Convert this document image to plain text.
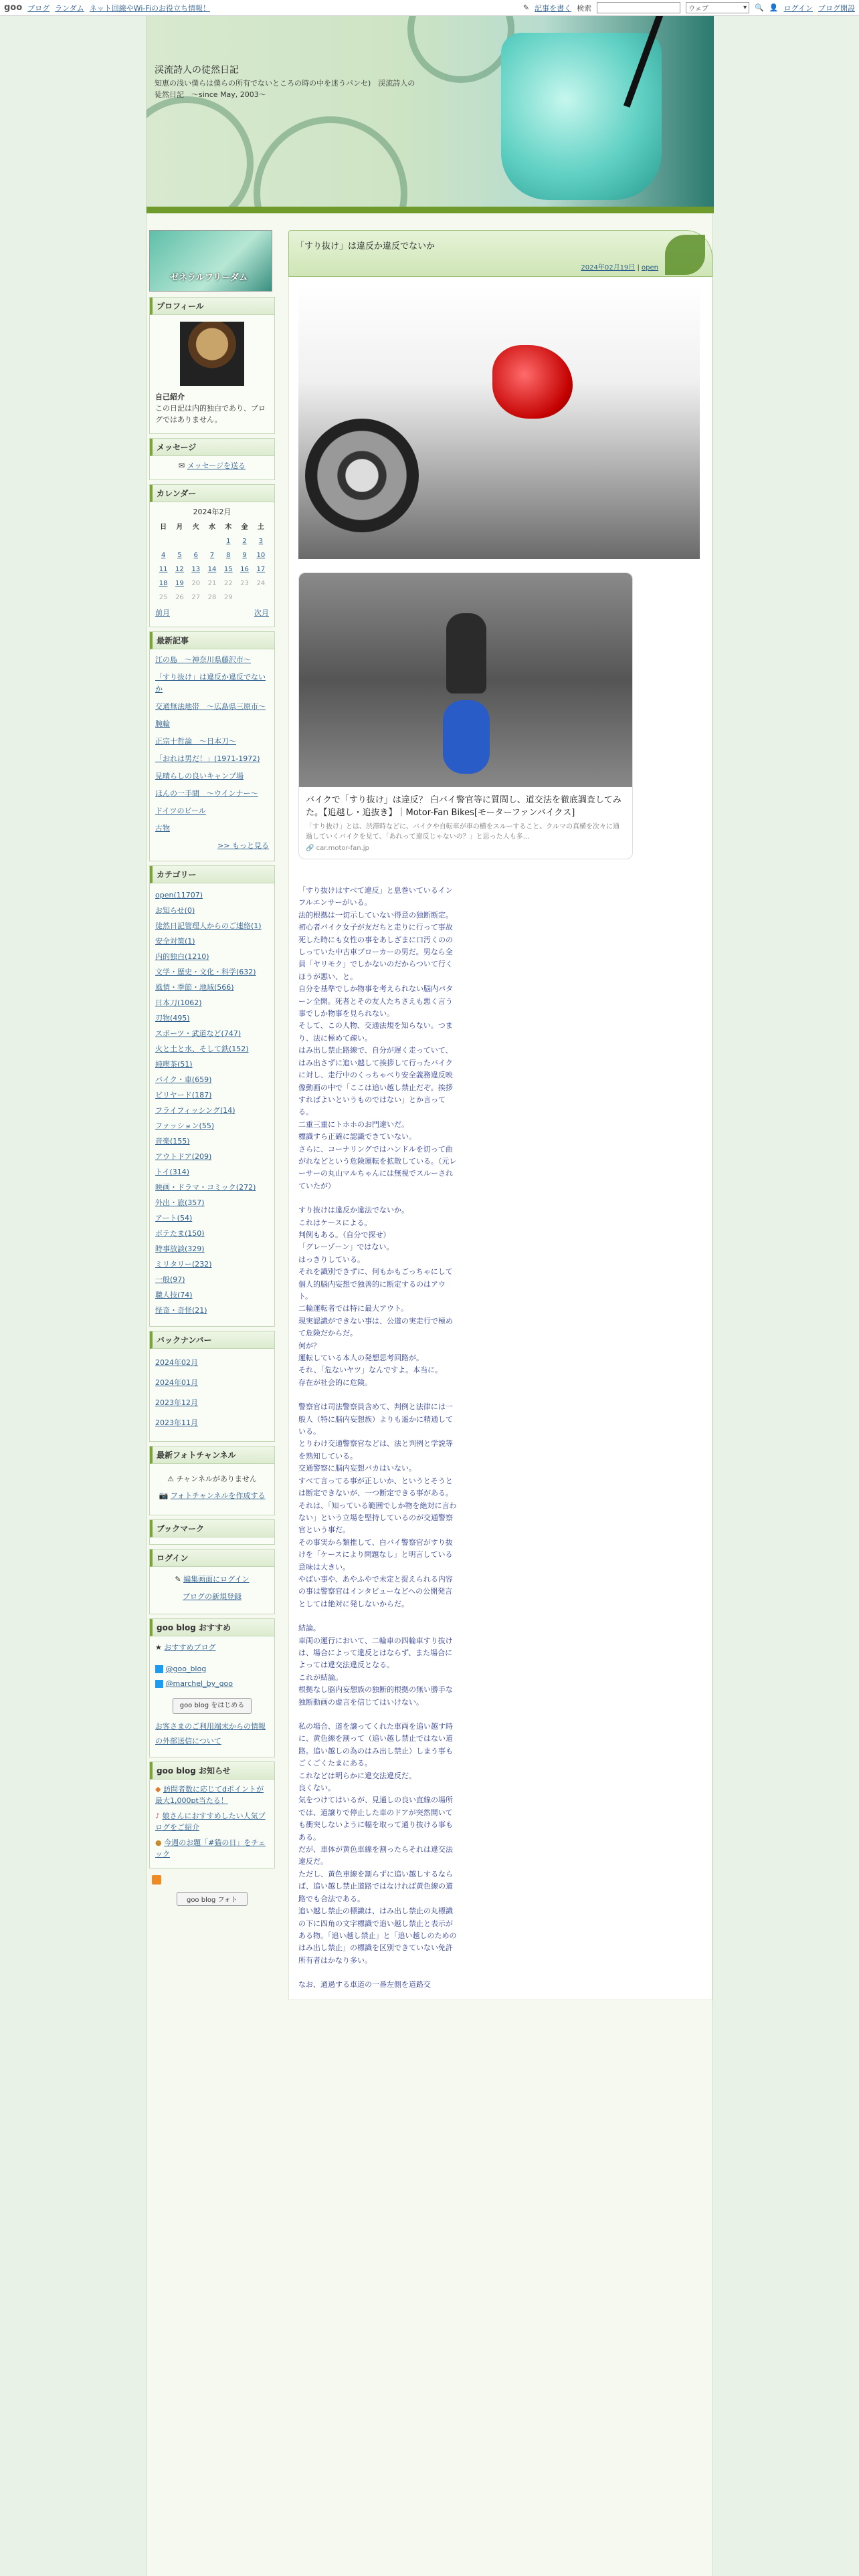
goo ブログ ランダム ネット回線やWi-Fiのお役立ち情報！	✎ 記事を書く 検索	ウェブ	▾ 🔍 👤 ログイン ブログ開設
渓流詩人の徒然日記
知恵の浅い僕らは僕らの所有でないところの時の中を迷うパンセ)　渓流詩人の徒然日記　〜since May, 2003〜
ゼネラルフリーダム
プロフィール

自己紹介

この日記は内的独白であり、ブログではありません。

メッセージ
✉ メッセージを送る
カレンダー
2024年2月
日	月	火	水	木	金	土
				1	2	3
4	5	6	7	8	9	10
11	12	13	14	15	16	17
18	19	20	21	22	23	24
25	26	27	28	29		
前月	次月
最新記事
江の島　〜神奈川県藤沢市〜
「すり抜け」は違反か違反でないか
交通無法地帯　〜広島県三原市〜
腕輪
正宗十哲論　〜日本刀〜
「おれは男だ！」(1971-1972)
見晴らしの良いキャンプ場
ほんの一手間　〜ウインナー〜
ドイツのビール
古物
>> もっと見る
カテゴリー
open(11707)
お知らせ(0)
徒然日記管理人からのご連絡(1)
安全対策(1)
内的独白(1210)
文学・歴史・文化・科学(632)
風情・季節・地域(566)
日本刀(1062)
刃物(495)
スポーツ・武道など(747)
火と土と水、そして鉄(152)
純喫茶(51)
バイク・車(659)
ビリヤード(187)
フライフィッシング(14)
ファッション(55)
音楽(155)
アウトドア(209)
トイ(314)
映画・ドラマ・コミック(272)
外出・旅(357)
アート(54)
ポテたま(150)
時事放談(329)
ミリタリー(232)
一般(97)
職人技(74)
怪奇・奇怪(21)
バックナンバー
2024年02月
2024年01月
2023年12月
2023年11月
最新フォトチャンネル

⚠ チャンネルがありません

📷 フォトチャンネルを作成する

ブックマーク
ログイン

✎ 編集画面にログイン

ブログの新規登録

goo blog おすすめ

★ おすすめブログ

@goo_blog

@marchel_by_goo

goo blog をはじめる

お客さまのご利用端末からの情報の外部送信について

goo blog お知らせ

◆ 訪問者数に応じてdポイントが最大1,000pt当たる！

♪ 娘さんにおすすめしたい人気ブログをご紹介

● 今週のお題「#猫の日」をチェック

goo blog フォト
「すり抜け」は違反か違反でないか
2024年02月19日 | open
バイクで「すり抜け」は違反？ 白バイ警官等に質問し、道交法を徹底調査してみた。【追越し・追抜き】｜Motor-Fan Bikes[モーターファンバイクス]
「すり抜け」とは、渋滞時などに、バイクや自転車が車の横をスルーすること。クルマの真横を次々に通過していくバイクを見て、「あれって違反じゃないの？」と思った人も多...
🔗 car.motor-fan.jp

「すり抜けはすべて違反」と息巻いているインフルエンサーがいる。

法的根拠は一切示していない得意の独断断定。初心者バイク女子が友だちと走りに行って事故死した時にも女性の事をあしざまに口汚くののしっていた中古車ブローカーの男だ。男なら全員「ヤリモク」でしかないのだからついて行くほうが悪い、と。

自分を基準でしか物事を考えられない脳内パターン全開。死者とその友人たちさえも悪く言う事でしか物事を見られない。

そして、この人物、交通法規を知らない。つまり、法に極めて疎い。

はみ出し禁止路線で、自分が遅く走っていて、はみ出さずに追い越して挨拶して行ったバイクに対し、走行中のくっちゃべり安全義務違反映像動画の中で「ここは追い越し禁止だぞ。挨拶すればよいというものではない」とか言ってる。

二重三重にトホホのお門違いだ。

標識すら正確に認識できていない。

さらに、コーナリングではハンドルを切って曲がれなどという危険運転を拡散している。（元レーサーの丸山マルちゃんには無視でスルーされていたが）

すり抜けは違反か違法でないか。

これはケースによる。

判例もある。（自分で探せ）

「グレーゾーン」ではない。

はっきりしている。

それを識別できずに、何もかもごっちゃにして個人的脳内妄想で独善的に断定するのはアウト。

二輪運転者では特に最大アウト。

現実認識ができない事は、公道の実走行で極めて危険だからだ。

何が？

運転している本人の発想思考回路が。

それ、「危ないヤツ」なんですよ。本当に。

存在が社会的に危険。

警察官は司法警察員含めて、判例と法律には一般人（特に脳内妄想族）よりも遥かに精通している。

とりわけ交通警察官などは、法と判例と学説等を熟知している。

交通警察に脳内妄想バカはいない。

すべて言ってる事が正しいか、というとそうとは断定できないが、一つ断定できる事がある。

それは、「知っている範囲でしか物を絶対に言わない」という立場を堅持しているのが交通警察官という事だ。

その事実から類推して、白バイ警察官がすり抜けを「ケースにより問題なし」と明言している意味は大きい。

やばい事や、あやふやで未定と捉えられる内容の事は警察官はインタビューなどへの公開発言としては絶対に発しないからだ。

結論。

車両の運行において、二輪車の四輪車すり抜けは、場合によって違反とはならず、また場合によっては違交法違反となる。

これが結論。

根拠なし脳内妄想族の独断的根拠の無い勝手な独断動画の虚言を信じてはいけない。

私の場合、道を譲ってくれた車両を追い越す時に、黄色線を割って（追い越し禁止ではない道路。追い越しの為のはみ出し禁止）しまう事もごくごくたまにある。

これなどは明らかに違交法違反だ。

良くない。

気をつけてはいるが、見通しの良い直線の場所では、道譲りで停止した車のドアが突然開いても衝突しないように幅を取って通り抜ける事もある。

だが、車体が黄色車線を割ったらそれは違交法違反だ。

ただし、黄色車線を割らずに追い越しするならば、追い越し禁止道路ではなければ黄色線の道路でも合法である。

追い越し禁止の標識は、はみ出し禁止の丸標識の下に四角の文字標識で追い越し禁止と表示がある物。「追い越し禁止」と「追い越しのためのはみ出し禁止」の標識を区別できていない免許所有者はかなり多い。

なお、通過する車道の一番左側を道路交
